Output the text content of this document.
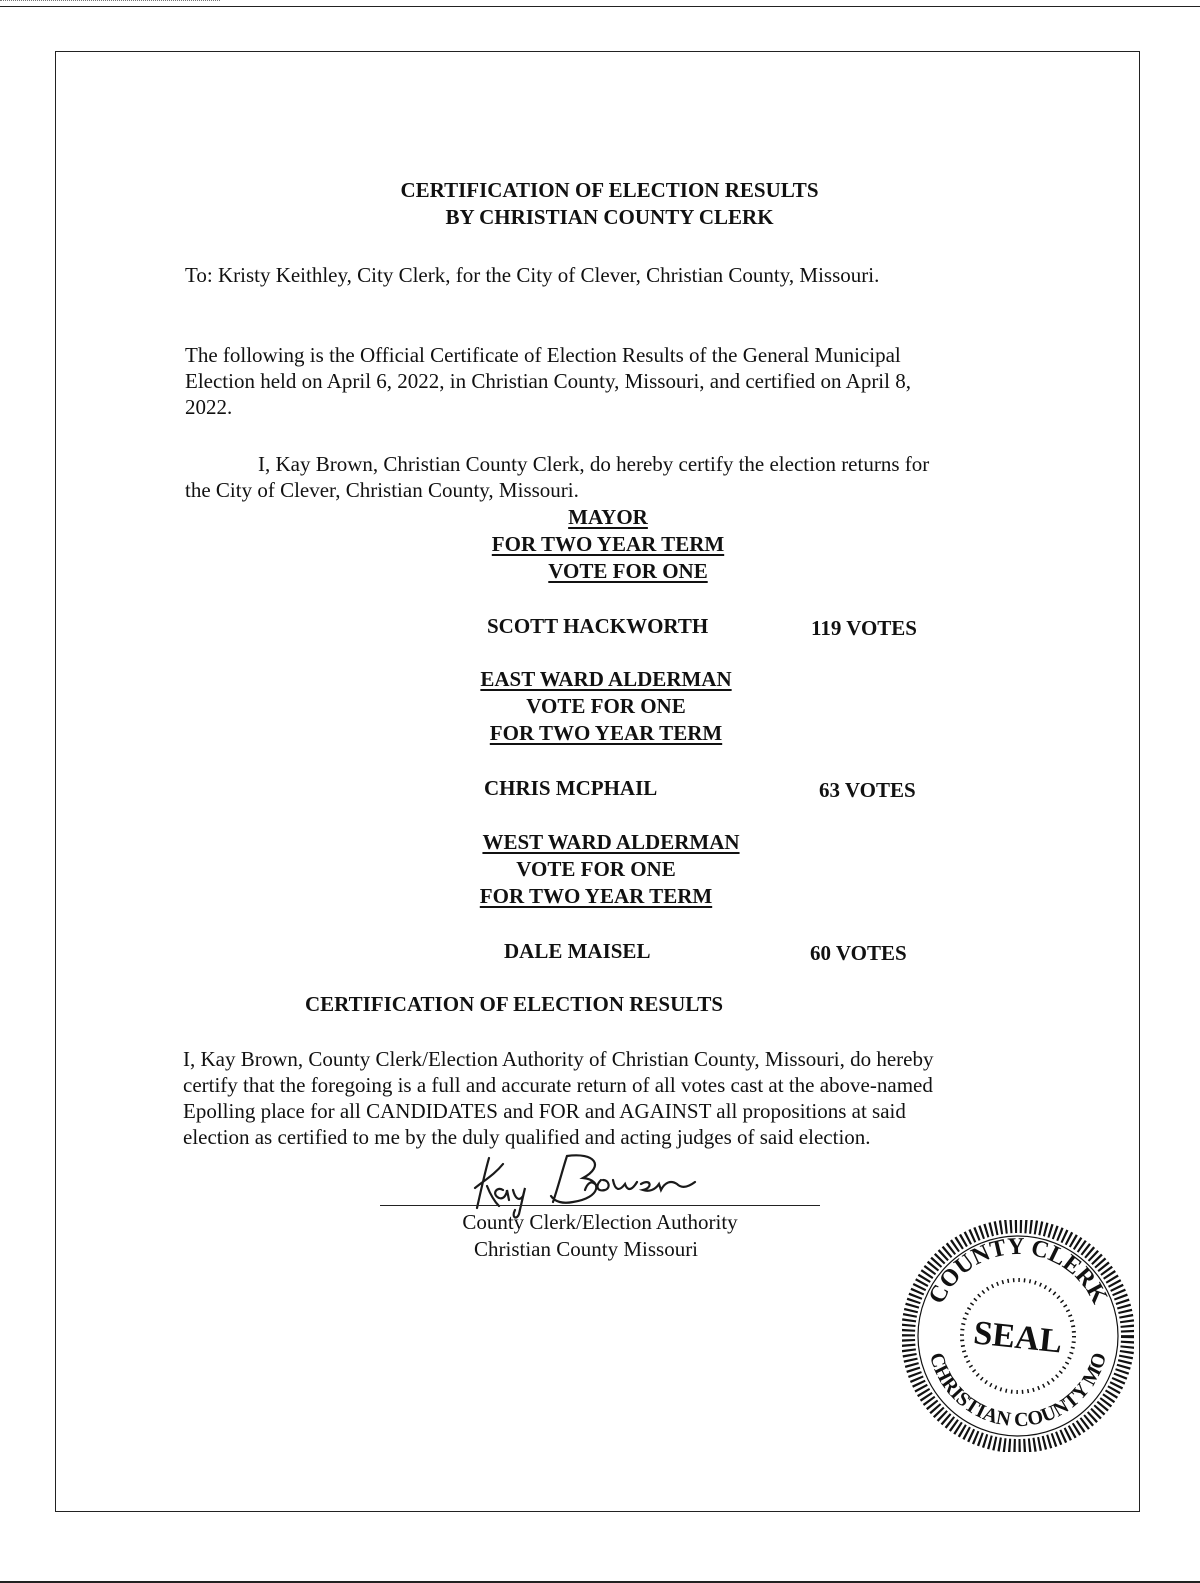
CERTIFICATION OF ELECTION RESULTS
BY CHRISTIAN COUNTY CLERK
To: Kristy Keithley, City Clerk, for the City of Clever, Christian County, Missouri.
The following is the Official Certificate of Election Results of the General Municipal
Election held on April 6, 2022, in Christian County, Missouri, and certified on April 8,
2022.
I, Kay Brown, Christian County Clerk, do hereby certify the election returns for
the City of Clever, Christian County, Missouri.
MAYOR
FOR TWO YEAR TERM
VOTE FOR ONE
SCOTT HACKWORTH	119 VOTES
EAST WARD ALDERMAN
VOTE FOR ONE
FOR TWO YEAR TERM
CHRIS MCPHAIL	63 VOTES
WEST WARD ALDERMAN
VOTE FOR ONE
FOR TWO YEAR TERM
DALE MAISEL	60 VOTES
CERTIFICATION OF ELECTION RESULTS
I, Kay Brown, County Clerk/Election Authority of Christian County, Missouri, do hereby
certify that the foregoing is a full and accurate return of all votes cast at the above-named
Epolling place for all CANDIDATES and FOR and AGAINST all propositions at said
election as certified to me by the duly qualified and acting judges of said election.
County Clerk/Election Authority
Christian County Missouri
COUNTY CLERK
CHRISTIAN COUNTY MO
SEAL
